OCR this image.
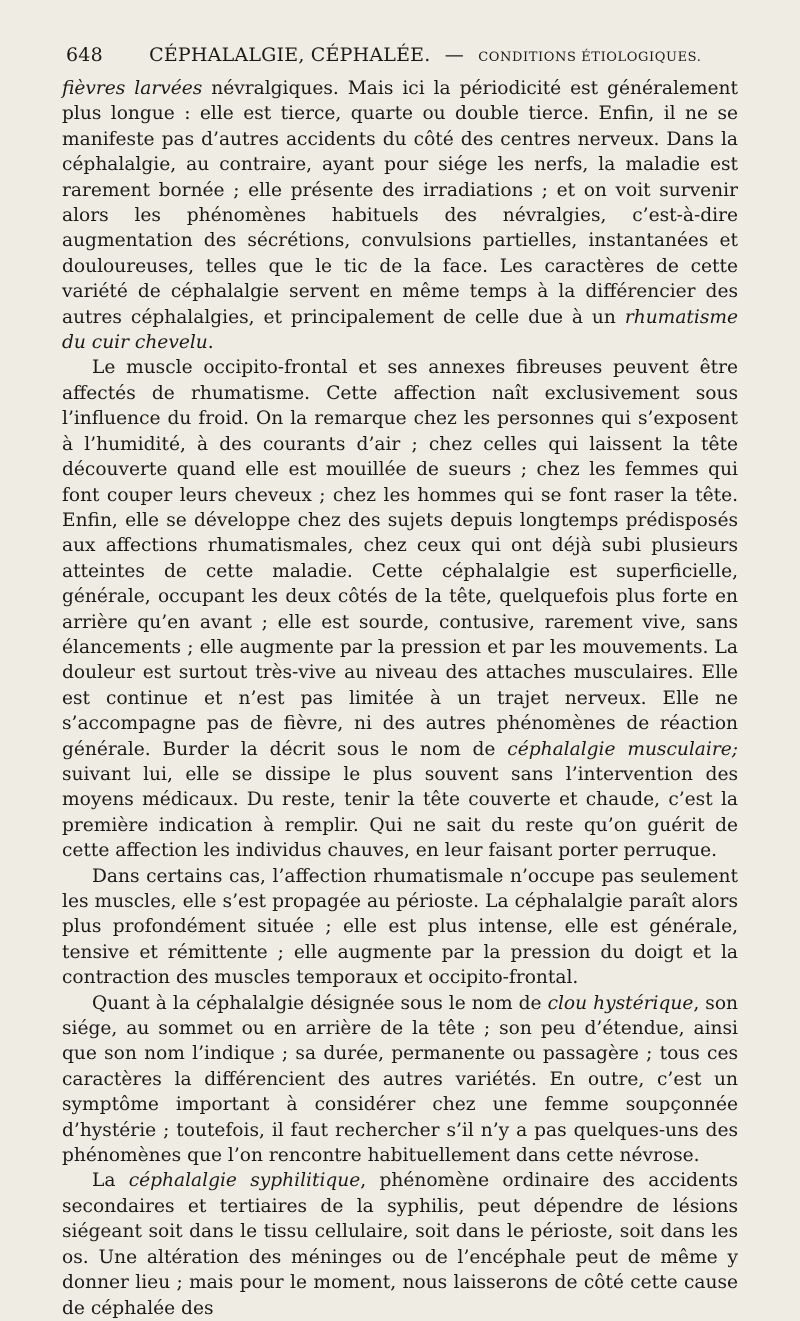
648 CÉPHALALGIE, CÉPHALÉE. — CONDITIONS ÉTIOLOGIQUES.

fièvres larvées névralgiques. Mais ici la périodicité est généralement plus longue : elle est tierce, quarte ou double tierce. Enfin, il ne se manifeste pas d’autres accidents du côté des centres nerveux. Dans la céphalalgie, au contraire, ayant pour siége les nerfs, la maladie est rarement bornée ; elle présente des irradiations ; et on voit survenir alors les phénomènes habituels des névralgies, c’est-à-dire augmentation des sécrétions, convulsions partielles, instantanées et douloureuses, telles que le tic de la face. Les caractères de cette variété de céphalalgie servent en même temps à la différencier des autres céphalalgies, et principalement de celle due à un rhumatisme du cuir chevelu.

Le muscle occipito-frontal et ses annexes fibreuses peuvent être affectés de rhumatisme. Cette affection naît exclusivement sous l’influence du froid. On la remarque chez les personnes qui s’exposent à l’humidité, à des courants d’air ; chez celles qui laissent la tête découverte quand elle est mouillée de sueurs ; chez les femmes qui font couper leurs cheveux ; chez les hommes qui se font raser la tête. Enfin, elle se développe chez des sujets depuis longtemps prédisposés aux affections rhumatismales, chez ceux qui ont déjà subi plusieurs atteintes de cette maladie. Cette céphalalgie est superficielle, générale, occupant les deux côtés de la tête, quelquefois plus forte en arrière qu’en avant ; elle est sourde, contusive, rarement vive, sans élancements ; elle augmente par la pression et par les mouvements. La douleur est surtout très-vive au niveau des attaches musculaires. Elle est continue et n’est pas limitée à un trajet nerveux. Elle ne s’accompagne pas de fièvre, ni des autres phénomènes de réaction générale. Burder la décrit sous le nom de céphalalgie musculaire; suivant lui, elle se dissipe le plus souvent sans l’intervention des moyens médicaux. Du reste, tenir la tête couverte et chaude, c’est la première indication à remplir. Qui ne sait du reste qu’on guérit de cette affection les individus chauves, en leur faisant porter perruque.

Dans certains cas, l’affection rhumatismale n’occupe pas seulement les muscles, elle s’est propagée au périoste. La céphalalgie paraît alors plus profondément située ; elle est plus intense, elle est générale, tensive et rémittente ; elle augmente par la pression du doigt et la contraction des muscles temporaux et occipito-frontal.

Quant à la céphalalgie désignée sous le nom de clou hystérique, son siége, au sommet ou en arrière de la tête ; son peu d’étendue, ainsi que son nom l’indique ; sa durée, permanente ou passagère ; tous ces caractères la différencient des autres variétés. En outre, c’est un symptôme important à considérer chez une femme soupçonnée d’hystérie ; toutefois, il faut rechercher s’il n’y a pas quelques-uns des phénomènes que l’on rencontre habituellement dans cette névrose.

La céphalalgie syphilitique, phénomène ordinaire des accidents secondaires et tertiaires de la syphilis, peut dépendre de lésions siégeant soit dans le tissu cellulaire, soit dans le périoste, soit dans les os. Une altération des méninges ou de l’encéphale peut de même y donner lieu ; mais pour le moment, nous laisserons de côté cette cause de céphalée des
